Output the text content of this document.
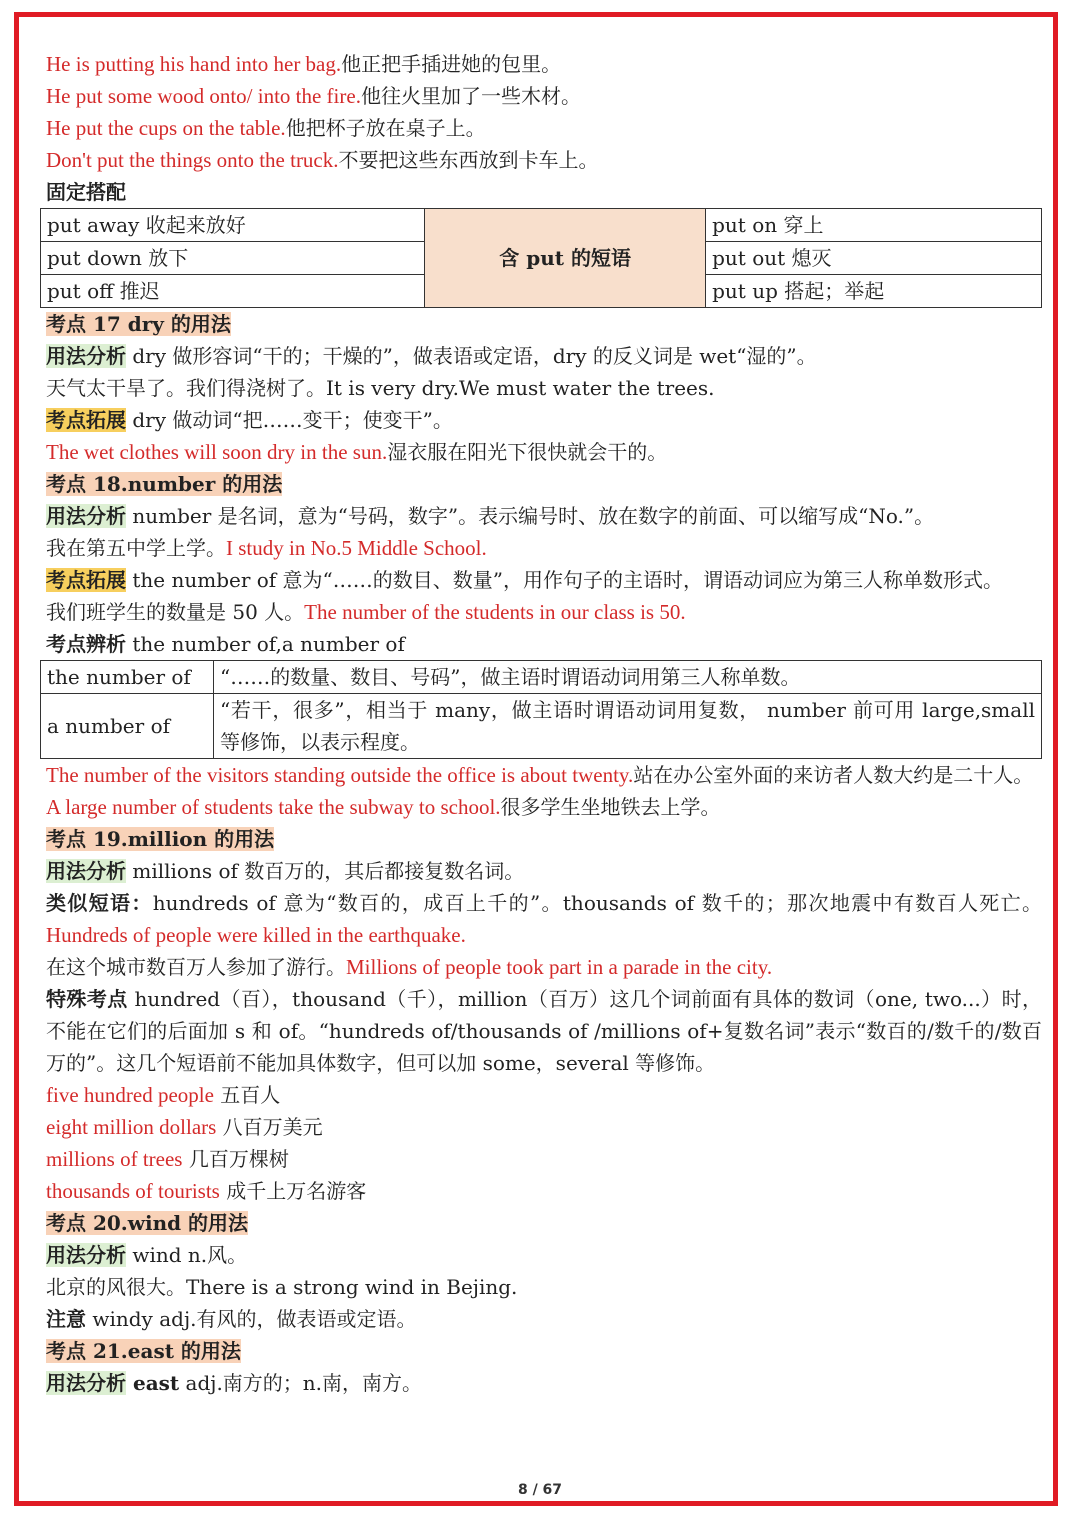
He is putting his hand into her bag.他正把手插进她的包里。
He put some wood onto/ into the fire.他往火里加了一些木材。
He put the cups on the table.他把杯子放在桌子上。
Don't put the things onto the truck.不要把这些东西放到卡车上。
固定搭配
put away 收起来放好	含 put 的短语	put on 穿上
put down 放下		put out 熄灭
put off 推迟		put up 搭起；举起
考点 17 dry 的用法
用法分析 dry 做形容词“干的；干燥的”，做表语或定语，dry 的反义词是 wet“湿的”。
天气太干旱了。我们得浇树了。It is very dry.We must water the trees.
考点拓展 dry 做动词“把……变干；使变干”。
The wet clothes will soon dry in the sun.湿衣服在阳光下很快就会干的。
考点 18.number 的用法
用法分析 number 是名词，意为“号码，数字”。表示编号时、放在数字的前面、可以缩写成“No.”。
我在第五中学上学。I study in No.5 Middle School.
考点拓展 the number of 意为“……的数目、数量”，用作句子的主语时，谓语动词应为第三人称单数形式。
我们班学生的数量是 50 人。The number of the students in our class is 50.
考点辨析 the number of,a number of
the number of	“……的数量、数目、号码”，做主语时谓语动词用第三人称单数。
a number of	“若干，很多”，相当于 many，做主语时谓语动词用复数， number 前可用 large,small 等修饰，以表示程度。
The number of the visitors standing outside the office is about twenty.站在办公室外面的来访者人数大约是二十人。
A large number of students take the subway to school.很多学生坐地铁去上学。
考点 19.million 的用法
用法分析 millions of 数百万的，其后都接复数名词。
类似短语：hundreds of 意为“数百的，成百上千的”。thousands of 数千的；那次地震中有数百人死亡。Hundreds of people were killed in the earthquake.
在这个城市数百万人参加了游行。Millions of people took part in a parade in the city.
特殊考点 hundred（百），thousand（千），million（百万）这几个词前面有具体的数词（one, two...）时，不能在它们的后面加 s 和 of。“hundreds of/thousands of /millions of+复数名词”表示“数百的/数千的/数百万的”。这几个短语前不能加具体数字，但可以加 some，several 等修饰。
five hundred people 五百人
eight million dollars 八百万美元
millions of trees 几百万棵树
thousands of tourists 成千上万名游客
考点 20.wind 的用法
用法分析 wind n.风。
北京的风很大。There is a strong wind in Bejing.
注意 windy adj.有风的，做表语或定语。
考点 21.east 的用法
用法分析 east adj.南方的；n.南，南方。
8 / 67
